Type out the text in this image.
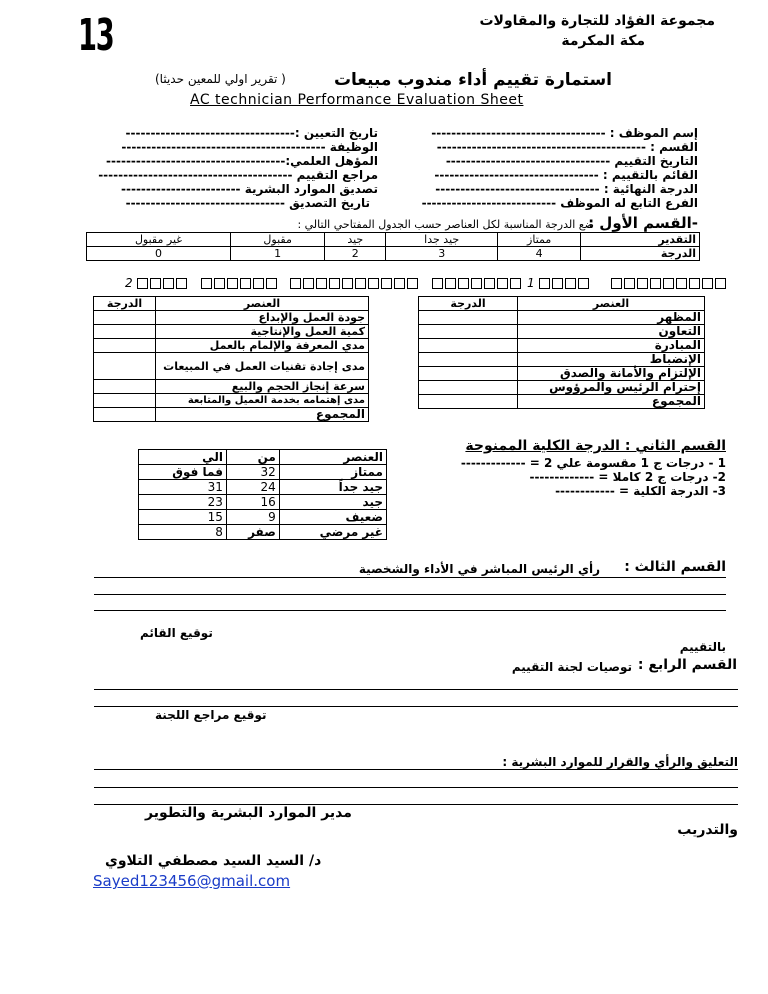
13	مجموعة الفؤاد للتجارة والمقاولات
مكة المكرمة
استمارة تقييم أداء مندوب مبيعات
( تقرير اولي للمعين حديثا)
AC technician Performance Evaluation Sheet
إسم الموظف : -----------------------------------
القسم : ------------------------------------------
التاريخ التقييم ---------------------------------
القائم بالتقييم : ---------------------------------
الدرجة النهائية : ---------------------------------
الفرع التابع له الموظف ---------------------------
تاريخ التعيين :----------------------------------
الوظيفة -----------------------------------------
المؤهل العلمي:------------------------------------
مراجع التقييم ---------------------------------------
تصديق الموارد البشرية ------------------------
تاريخ التصديق --------------------------------
-القسم الأول :
ضع الدرجة المناسبة لكل العناصر حسب الجدول المفتاحي التالي :
التقدير	ممتاز	جيد جدا	جيد	مقبول	غير مقبول
الدرجة	4	3	2	1	0
1
2
العنصر	الدرجة
المظهر	
التعاون	
المبادرة	
الإنضباط	
الإلتزام والأمانة والصدق	
إحترام الرئيس والمرؤوس	
المجموع	
العنصر	الدرجة
جودة العمل والإبداع	
كمية العمل والإنتاجية	
مدي المعرفة والإلمام بالعمل	
مدى إجادة تقنيات العمل في المبيعات	
سرعة إنجاز الحجم والبيع	
مدى إهتمامه بخدمة العميل والمتابعة	
المجموع	
القسم الثاني : الدرجة الكلية الممنوحة
1 - درجات ج 1 مقسومة علي 2 = -------------
2- درجات ج 2 كاملا = -------------
3- الدرجة الكلية = ------------
العنصر	من	الي
ممتاز	32	فما فوق
جيد جداً	24	31
جيد	16	23
ضعيف	9	15
غير مرضي	صفر	8
القسم الثالث :
رأي الرئيس المباشر في الأداء والشخصية
توقيع القائم
بالتقييم
القسم الرابع :
توصيات لجنة التقييم
توقيع مراجع اللجنة
التعليق والرأي والقرار للموارد البشرية :
مدير الموارد البشرية والتطوير
والتدريب
د/ السيد السيد مصطفي التلاوي
Sayed123456@gmail.com
